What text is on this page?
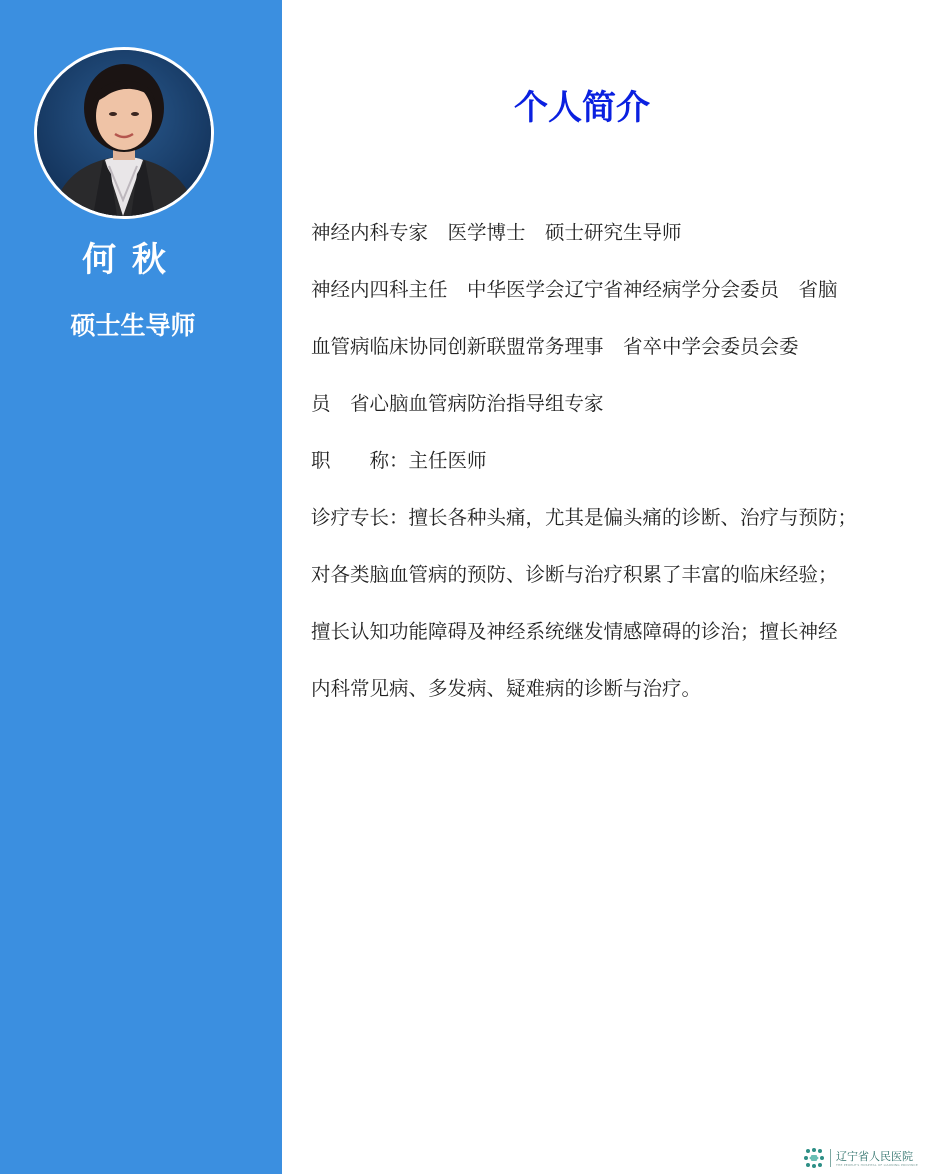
何 秋
硕士生导师
个人简介
神经内科专家　医学博士　硕士研究生导师
神经内四科主任　中华医学会辽宁省神经病学分会委员　省脑
血管病临床协同创新联盟常务理事　省卒中学会委员会委
员　省心脑血管病防治指导组专家
职　　称：主任医师
诊疗专长：擅长各种头痛，尤其是偏头痛的诊断、治疗与预防；
对各类脑血管病的预防、诊断与治疗积累了丰富的临床经验；
擅长认知功能障碍及神经系统继发情感障碍的诊治；擅长神经
内科常见病、多发病、疑难病的诊断与治疗。
辽宁省人民医院
THE PEOPLE'S HOSPITAL OF LIAONING PROVINCE
